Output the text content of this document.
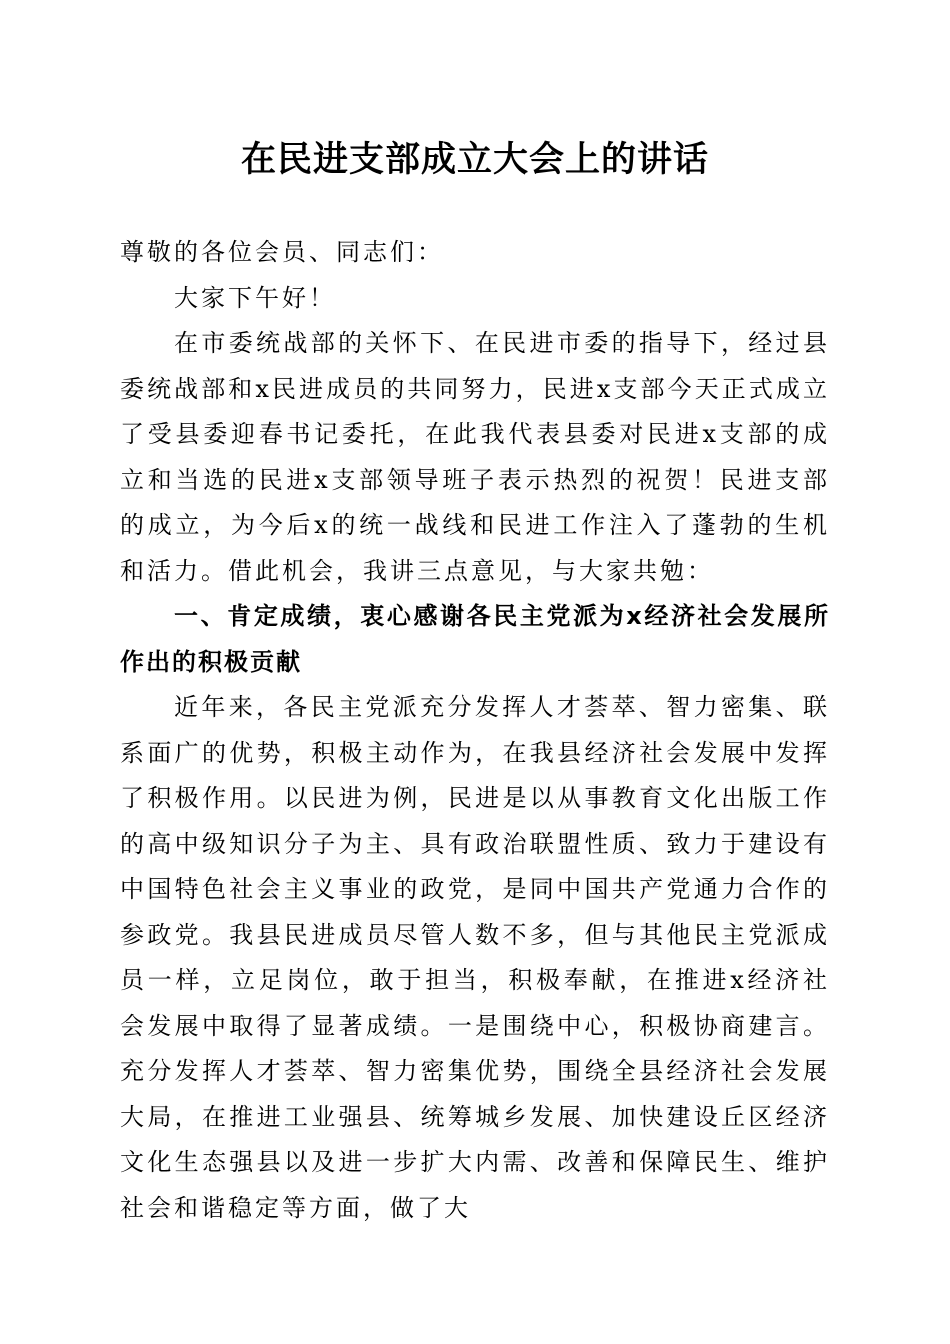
在民进支部成立大会上的讲话

尊敬的各位会员、同志们：

大家下午好！

在市委统战部的关怀下、在民进市委的指导下，经过县委统战部和x民进成员的共同努力，民进x支部今天正式成立了受县委迎春书记委托，在此我代表县委对民进x支部的成立和当选的民进x支部领导班子表示热烈的祝贺！民进支部的成立，为今后x的统一战线和民进工作注入了蓬勃的生机和活力。借此机会，我讲三点意见，与大家共勉：

一、肯定成绩，衷心感谢各民主党派为x经济社会发展所作出的积极贡献

近年来，各民主党派充分发挥人才荟萃、智力密集、联系面广的优势，积极主动作为，在我县经济社会发展中发挥了积极作用。以民进为例，民进是以从事教育文化出版工作的高中级知识分子为主、具有政治联盟性质、致力于建设有中国特色社会主义事业的政党，是同中国共产党通力合作的参政党。我县民进成员尽管人数不多，但与其他民主党派成员一样，立足岗位，敢于担当，积极奉献，在推进x经济社会发展中取得了显著成绩。一是围绕中心，积极协商建言。充分发挥人才荟萃、智力密集优势，围绕全县经济社会发展大局，在推进工业强县、统筹城乡发展、加快建设丘区经济文化生态强县以及进一步扩大内需、改善和保障民生、维护社会和谐稳定等方面，做了大
